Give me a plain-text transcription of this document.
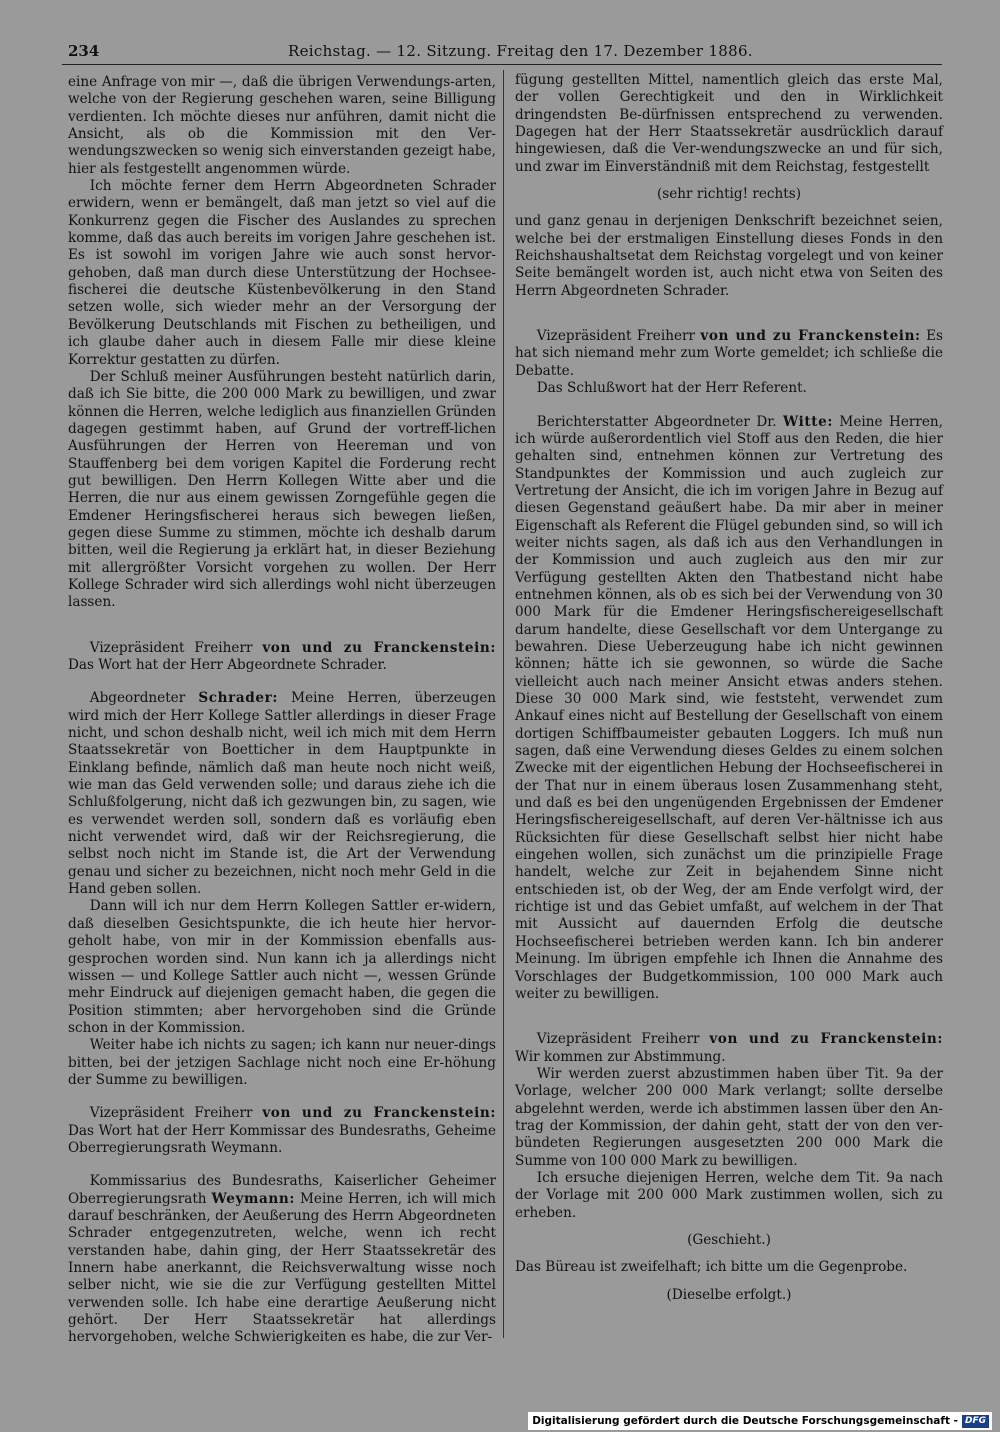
234	Reichstag. — 12. Sitzung. Freitag den 17. Dezember 1886.

eine Anfrage von mir —, daß die übrigen Verwendungs-arten, welche von der Regierung geschehen waren, seine Billigung verdienten. Ich möchte dieses nur anführen, damit nicht die Ansicht, als ob die Kommission mit den Ver-wendungszwecken so wenig sich einverstanden gezeigt habe, hier als festgestellt angenommen würde.

Ich möchte ferner dem Herrn Abgeordneten Schrader erwidern, wenn er bemängelt, daß man jetzt so viel auf die Konkurrenz gegen die Fischer des Auslandes zu sprechen komme, daß das auch bereits im vorigen Jahre geschehen ist. Es ist sowohl im vorigen Jahre wie auch sonst hervor-gehoben, daß man durch diese Unterstützung der Hochsee-fischerei die deutsche Küstenbevölkerung in den Stand setzen wolle, sich wieder mehr an der Versorgung der Bevölkerung Deutschlands mit Fischen zu betheiligen, und ich glaube daher auch in diesem Falle mir diese kleine Korrektur gestatten zu dürfen.

Der Schluß meiner Ausführungen besteht natürlich darin, daß ich Sie bitte, die 200 000 Mark zu bewilligen, und zwar können die Herren, welche lediglich aus finanziellen Gründen dagegen gestimmt haben, auf Grund der vortreff-lichen Ausführungen der Herren von Heereman und von Stauffenberg bei dem vorigen Kapitel die Forderung recht gut bewilligen. Den Herrn Kollegen Witte aber und die Herren, die nur aus einem gewissen Zorngefühle gegen die Emdener Heringsfischerei heraus sich bewegen ließen, gegen diese Summe zu stimmen, möchte ich deshalb darum bitten, weil die Regierung ja erklärt hat, in dieser Beziehung mit allergrößter Vorsicht vorgehen zu wollen. Der Herr Kollege Schrader wird sich allerdings wohl nicht überzeugen lassen.

Vizepräsident Freiherr von und zu Franckenstein: Das Wort hat der Herr Abgeordnete Schrader.

Abgeordneter Schrader: Meine Herren, überzeugen wird mich der Herr Kollege Sattler allerdings in dieser Frage nicht, und schon deshalb nicht, weil ich mich mit dem Herrn Staatssekretär von Boetticher in dem Hauptpunkte in Einklang befinde, nämlich daß man heute noch nicht weiß, wie man das Geld verwenden solle; und daraus ziehe ich die Schlußfolgerung, nicht daß ich gezwungen bin, zu sagen, wie es verwendet werden soll, sondern daß es vorläufig eben nicht verwendet wird, daß wir der Reichsregierung, die selbst noch nicht im Stande ist, die Art der Verwendung genau und sicher zu bezeichnen, nicht noch mehr Geld in die Hand geben sollen.

Dann will ich nur dem Herrn Kollegen Sattler er-widern, daß dieselben Gesichtspunkte, die ich heute hier hervor-geholt habe, von mir in der Kommission ebenfalls aus-gesprochen worden sind. Nun kann ich ja allerdings nicht wissen — und Kollege Sattler auch nicht —, wessen Gründe mehr Eindruck auf diejenigen gemacht haben, die gegen die Position stimmten; aber hervorgehoben sind die Gründe schon in der Kommission.

Weiter habe ich nichts zu sagen; ich kann nur neuer-dings bitten, bei der jetzigen Sachlage nicht noch eine Er-höhung der Summe zu bewilligen.

Vizepräsident Freiherr von und zu Franckenstein: Das Wort hat der Herr Kommissar des Bundesraths, Geheime Oberregierungsrath Weymann.

Kommissarius des Bundesraths, Kaiserlicher Geheimer Oberregierungsrath Weymann: Meine Herren, ich will mich darauf beschränken, der Aeußerung des Herrn Abgeordneten Schrader entgegenzutreten, welche, wenn ich recht verstanden habe, dahin ging, der Herr Staatssekretär des Innern habe anerkannt, die Reichsverwaltung wisse noch selber nicht, wie sie die zur Verfügung gestellten Mittel verwenden solle. Ich habe eine derartige Aeußerung nicht gehört. Der Herr Staatssekretär hat allerdings hervorgehoben, welche Schwierigkeiten es habe, die zur Ver-

fügung gestellten Mittel, namentlich gleich das erste Mal, der vollen Gerechtigkeit und den in Wirklichkeit dringendsten Be-dürfnissen entsprechend zu verwenden. Dagegen hat der Herr Staatssekretär ausdrücklich darauf hingewiesen, daß die Ver-wendungszwecke an und für sich, und zwar im Einverständniß mit dem Reichstag, festgestellt

(sehr richtig! rechts)

und ganz genau in derjenigen Denkschrift bezeichnet seien, welche bei der erstmaligen Einstellung dieses Fonds in den Reichshaushaltsetat dem Reichstag vorgelegt und von keiner Seite bemängelt worden ist, auch nicht etwa von Seiten des Herrn Abgeordneten Schrader.

Vizepräsident Freiherr von und zu Franckenstein: Es hat sich niemand mehr zum Worte gemeldet; ich schließe die Debatte.

Das Schlußwort hat der Herr Referent.

Berichterstatter Abgeordneter Dr. Witte: Meine Herren, ich würde außerordentlich viel Stoff aus den Reden, die hier gehalten sind, entnehmen können zur Vertretung des Standpunktes der Kommission und auch zugleich zur Vertretung der Ansicht, die ich im vorigen Jahre in Bezug auf diesen Gegenstand geäußert habe. Da mir aber in meiner Eigenschaft als Referent die Flügel gebunden sind, so will ich weiter nichts sagen, als daß ich aus den Verhandlungen in der Kommission und auch zugleich aus den mir zur Verfügung gestellten Akten den Thatbestand nicht habe entnehmen können, als ob es sich bei der Verwendung von 30 000 Mark für die Emdener Heringsfischereigesellschaft darum handelte, diese Gesellschaft vor dem Untergange zu bewahren. Diese Ueberzeugung habe ich nicht gewinnen können; hätte ich sie gewonnen, so würde die Sache vielleicht auch nach meiner Ansicht etwas anders stehen. Diese 30 000 Mark sind, wie feststeht, verwendet zum Ankauf eines nicht auf Bestellung der Gesellschaft von einem dortigen Schiffbaumeister gebauten Loggers. Ich muß nun sagen, daß eine Verwendung dieses Geldes zu einem solchen Zwecke mit der eigentlichen Hebung der Hochseefischerei in der That nur in einem überaus losen Zusammenhang steht, und daß es bei den ungenügenden Ergebnissen der Emdener Heringsfischereigesellschaft, auf deren Ver-hältnisse ich aus Rücksichten für diese Gesellschaft selbst hier nicht habe eingehen wollen, sich zunächst um die prinzipielle Frage handelt, welche zur Zeit in bejahendem Sinne nicht entschieden ist, ob der Weg, der am Ende verfolgt wird, der richtige ist und das Gebiet umfaßt, auf welchem in der That mit Aussicht auf dauernden Erfolg die deutsche Hochseefischerei betrieben werden kann. Ich bin anderer Meinung. Im übrigen empfehle ich Ihnen die Annahme des Vorschlages der Budgetkommission, 100 000 Mark auch weiter zu bewilligen.

Vizepräsident Freiherr von und zu Franckenstein: Wir kommen zur Abstimmung.

Wir werden zuerst abzustimmen haben über Tit. 9a der Vorlage, welcher 200 000 Mark verlangt; sollte derselbe abgelehnt werden, werde ich abstimmen lassen über den An-trag der Kommission, der dahin geht, statt der von den ver-bündeten Regierungen ausgesetzten 200 000 Mark die Summe von 100 000 Mark zu bewilligen.

Ich ersuche diejenigen Herren, welche dem Tit. 9a nach der Vorlage mit 200 000 Mark zustimmen wollen, sich zu erheben.

(Geschieht.)

Das Büreau ist zweifelhaft; ich bitte um die Gegenprobe.

(Dieselbe erfolgt.)

Digitalisierung gefördert durch die Deutsche Forschungsgemeinschaft - DFG
